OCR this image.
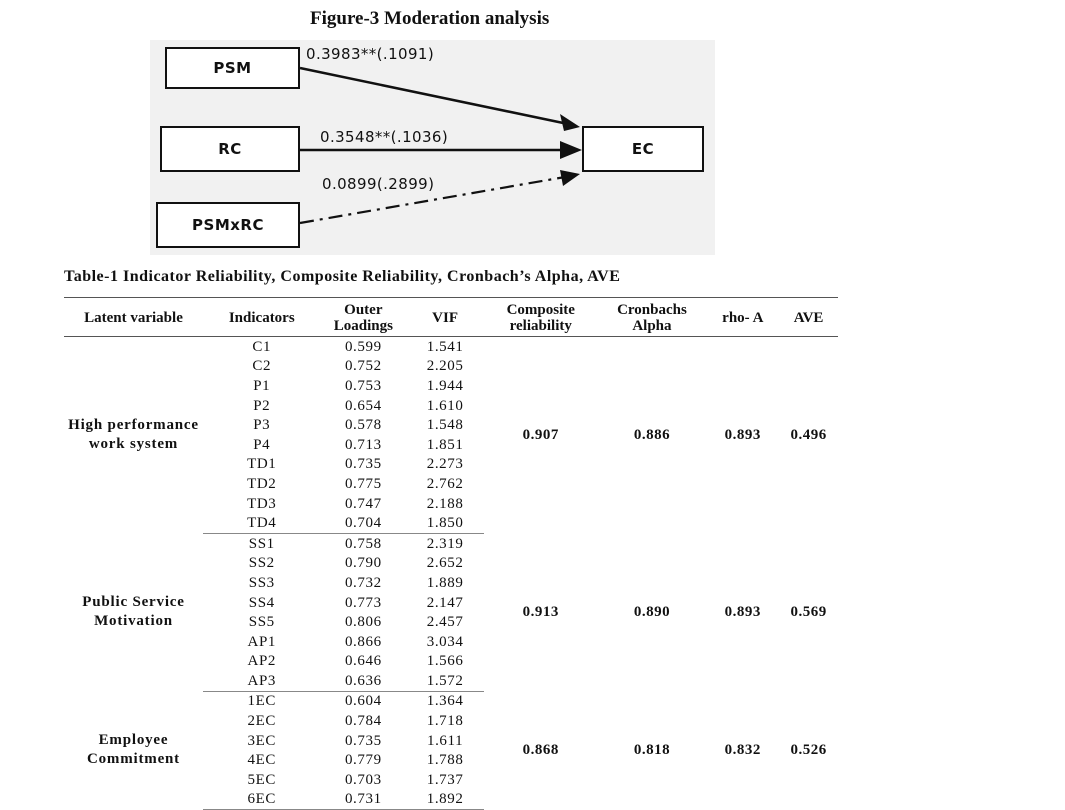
Figure-3 Moderation analysis
PSM
RC
PSMxRC
EC
0.3983**(.1091)
0.3548**(.1036)
0.0899(.2899)
Table-1 Indicator Reliability, Composite Reliability, Cronbach’s Alpha, AVE
Latent variable	Indicators	Outer Loadings	VIF	Composite reliability	Cronbachs Alpha	rho- A	AVE
High performance work system	C1	0.599	1.541	0.907	0.886	0.893	0.496
	C2	0.752	2.205				
	P1	0.753	1.944				
	P2	0.654	1.610				
	P3	0.578	1.548				
	P4	0.713	1.851				
	TD1	0.735	2.273				
	TD2	0.775	2.762				
	TD3	0.747	2.188				
	TD4	0.704	1.850				
Public Service Motivation	SS1	0.758	2.319	0.913	0.890	0.893	0.569
	SS2	0.790	2.652				
	SS3	0.732	1.889				
	SS4	0.773	2.147				
	SS5	0.806	2.457				
	AP1	0.866	3.034				
	AP2	0.646	1.566				
	AP3	0.636	1.572				
Employee Commitment	1EC	0.604	1.364	0.868	0.818	0.832	0.526
	2EC	0.784	1.718				
	3EC	0.735	1.611				
	4EC	0.779	1.788				
	5EC	0.703	1.737				
	6EC	0.731	1.892				
